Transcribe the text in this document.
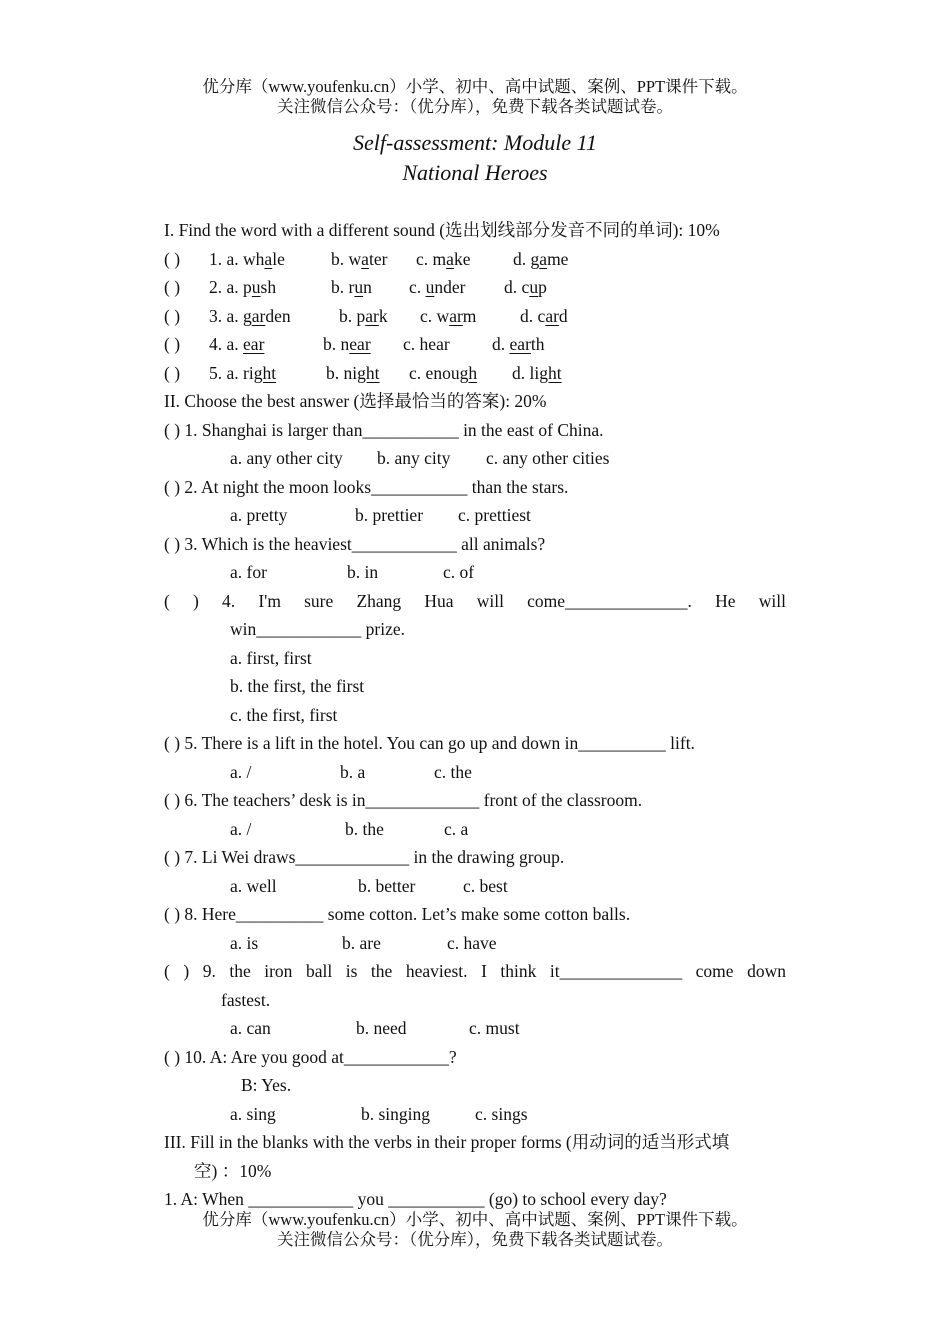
优分库（www.youfenku.cn）小学、初中、高中试题、案例、PPT课件下载。
关注微信公众号：（优分库），免费下载各类试题试卷。
Self-assessment: Module 11
National Heroes
I. Find the word with a different sound (选出划线部分发音不同的单词): 10%
( ) 1. a. whale	b. water c. make d. game
( ) 2. a. push	b. run c. under d. cup
( ) 3. a. garden	b. park c. warm d. card
( ) 4. a. ear	b. near c. hear d. earth
( ) 5. a. right	b. night c. enough d. light
II. Choose the best answer (选择最恰当的答案): 20%
( ) 1. Shanghai is larger than___________ in the east of China.
a. any other city b. any city c. any other cities
( ) 2. At night the moon looks___________ than the stars.
a. pretty	b. prettier c. prettiest
( ) 3. Which is the heaviest____________ all animals?
a. for	b. in	c. of
( ) 4. I'm sure Zhang Hua will come______________. He will
win____________ prize.
a. first, first
b. the first, the first
c. the first, first
( ) 5. There is a lift in the hotel. You can go up and down in__________ lift.
a. /	b. a	c. the
( ) 6. The teachers’ desk is in_____________ front of the classroom.
a. /	b. the	c. a
( ) 7. Li Wei draws_____________ in the drawing group.
a. well	b. better	c. best
( ) 8. Here__________ some cotton. Let’s make some cotton balls.
a. is	b. are	c. have
( ) 9. the iron ball is the heaviest. I think it______________ come down
fastest.
a. can	b. need	c. must
( ) 10. A: Are you good at____________?
B: Yes.
a. sing	b. singing	c. sings
III. Fill in the blanks with the verbs in their proper forms (用动词的适当形式填
空) ：10%
1. A: When ____________ you ___________ (go) to school every day?
优分库（www.youfenku.cn）小学、初中、高中试题、案例、PPT课件下载。
关注微信公众号：（优分库），免费下载各类试题试卷。
